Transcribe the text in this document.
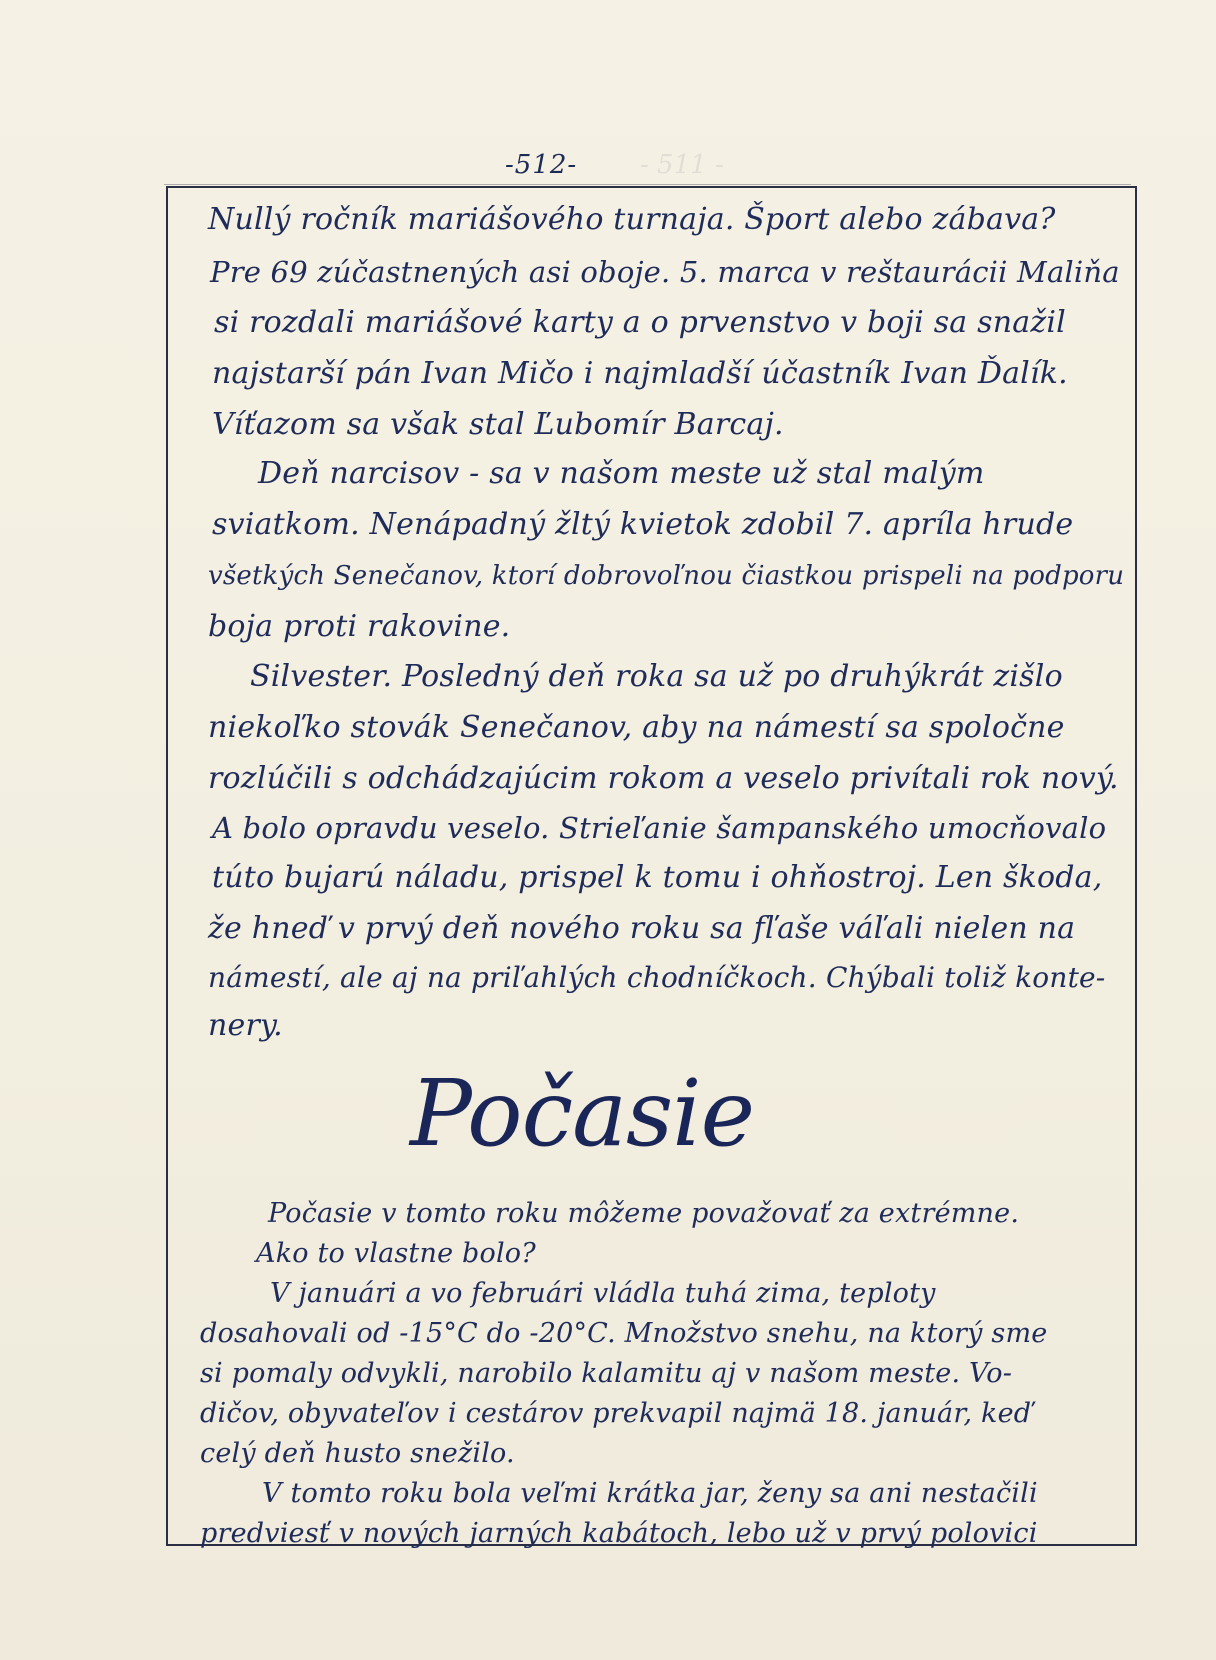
-512-
Nullý ročník mariášového turnaja. Šport alebo zábava?
Pre 69 zúčastnených asi oboje. 5. marca v reštaurácii Maliňa
si rozdali mariášové karty a o prvenstvo v boji sa snažil
najstarší pán Ivan Mičo i najmladší účastník Ivan Ďalík.
Víťazom sa však stal Ľubomír Barcaj.
Deň narcisov - sa v našom meste už stal malým
sviatkom. Nenápadný žltý kvietok zdobil 7. apríla hrude
všetkých Senečanov, ktorí dobrovoľnou čiastkou prispeli na podporu
boja proti rakovine.
Silvester. Posledný deň roka sa už po druhýkrát zišlo
niekoľko stovák Senečanov, aby na námestí sa spoločne
rozlúčili s odchádzajúcim rokom a veselo privítali rok nový.
A bolo opravdu veselo. Strieľanie šampanského umocňovalo
túto bujarú náladu, prispel k tomu i ohňostroj. Len škoda,
že hneď v prvý deň nového roku sa fľaše váľali nielen na
námestí, ale aj na priľahlých chodníčkoch. Chýbali toliž konte-
nery.
Počasie
Počasie v tomto roku môžeme považovať za extrémne.
Ako to vlastne bolo?
V januári a vo februári vládla tuhá zima, teploty
dosahovali od -15°C do -20°C. Množstvo snehu, na ktorý sme
si pomaly odvykli, narobilo kalamitu aj v našom meste. Vo-
dičov, obyvateľov i cestárov prekvapil najmä 18. január, keď
celý deň husto snežilo.
V tomto roku bola veľmi krátka jar, ženy sa ani nestačili
predviesť v nových jarných kabátoch, lebo už v prvý polovici
